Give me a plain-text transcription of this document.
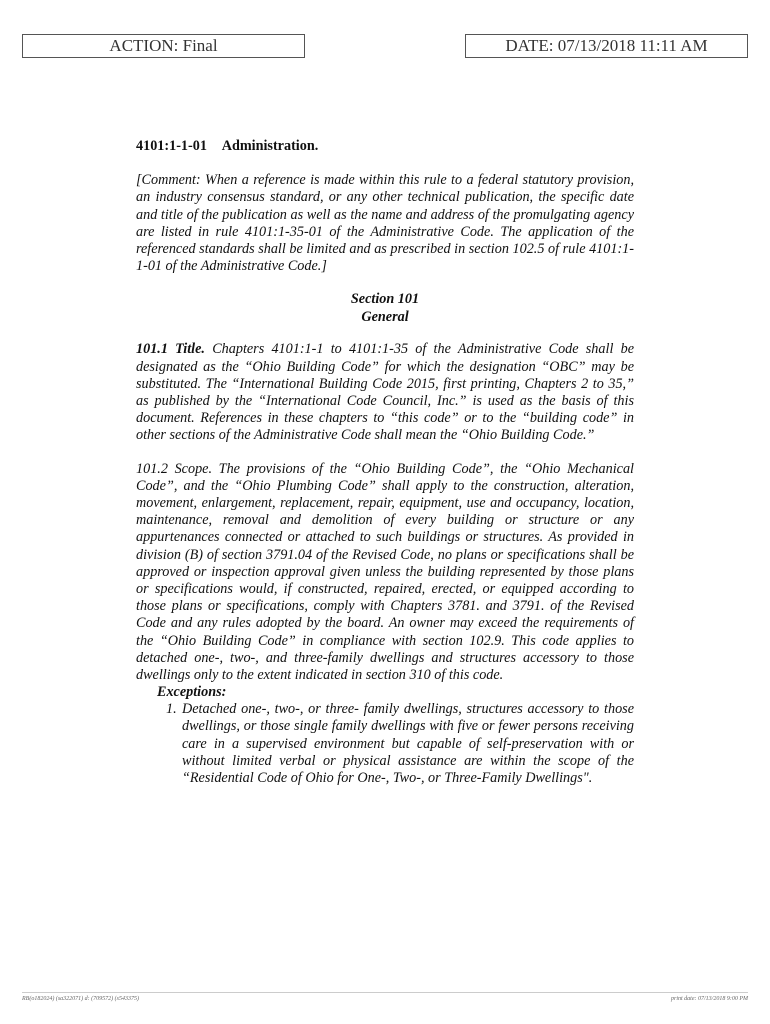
ACTION: Final	DATE: 07/13/2018 11:11 AM
4101:1-1-01 Administration.

[Comment: When a reference is made within this rule to a federal statutory provision, an industry consensus standard, or any other technical publication, the specific date and title of the publication as well as the name and address of the promulgating agency are listed in rule 4101:1-35-01 of the Administrative Code. The application of the referenced standards shall be limited and as prescribed in section 102.5 of rule 4101:1-1-01 of the Administrative Code.]

Section 101
General

101.1 Title. Chapters 4101:1-1 to 4101:1-35 of the Administrative Code shall be designated as the “Ohio Building Code” for which the designation “OBC” may be substituted. The “International Building Code 2015, first printing, Chapters 2 to 35,” as published by the “International Code Council, Inc.” is used as the basis of this document. References in these chapters to “this code” or to the “building code” in other sections of the Administrative Code shall mean the “Ohio Building Code.”

101.2 Scope. The provisions of the “Ohio Building Code”, the “Ohio Mechanical Code”, and the “Ohio Plumbing Code” shall apply to the construction, alteration, movement, enlargement, replacement, repair, equipment, use and occupancy, location, maintenance, removal and demolition of every building or structure or any appurtenances connected or attached to such buildings or structures. As provided in division (B) of section 3791.04 of the Revised Code, no plans or specifications shall be approved or inspection approval given unless the building represented by those plans or specifications would, if constructed, repaired, erected, or equipped according to those plans or specifications, comply with Chapters 3781. and 3791. of the Revised Code and any rules adopted by the board. An owner may exceed the requirements of the “Ohio Building Code” in compliance with section 102.9. This code applies to detached one-, two-, and three-family dwellings and structures accessory to those dwellings only to the extent indicated in section 310 of this code.

Exceptions:
1. Detached one-, two-, or three- family dwellings, structures accessory to those dwellings, or those single family dwellings with five or fewer persons receiving care in a supervised environment but capable of self-preservation with or without limited verbal or physical assistance are within the scope of the “Residential Code of Ohio for One-, Two-, or Three-Family Dwellings".
RB(o182024) (sa322071) d: (709572) (s543375)	print date: 07/13/2018 9:00 PM
